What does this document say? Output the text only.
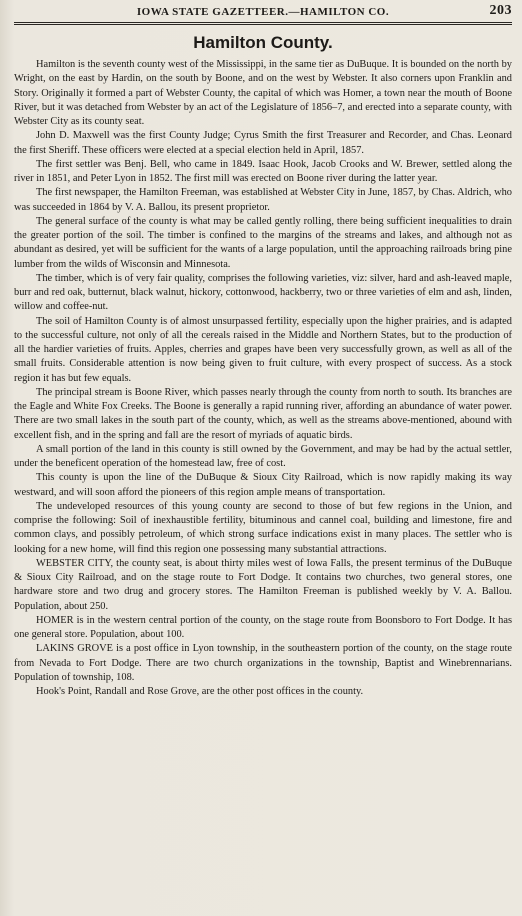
IOWA STATE GAZETTEER.—HAMILTON CO.	203
Hamilton County.

Hamilton is the seventh county west of the Mississippi, in the same tier as DuBuque. It is bounded on the north by Wright, on the east by Hardin, on the south by Boone, and on the west by Webster. It also corners upon Franklin and Story. Originally it formed a part of Webster County, the capital of which was Homer, a town near the mouth of Boone River, but it was detached from Webster by an act of the Legislature of 1856–7, and erected into a separate county, with Webster City as its county seat.

John D. Maxwell was the first County Judge; Cyrus Smith the first Treasurer and Recorder, and Chas. Leonard the first Sheriff. These officers were elected at a special election held in April, 1857.

The first settler was Benj. Bell, who came in 1849. Isaac Hook, Jacob Crooks and W. Brewer, settled along the river in 1851, and Peter Lyon in 1852. The first mill was erected on Boone river during the latter year.

The first newspaper, the Hamilton Freeman, was established at Webster City in June, 1857, by Chas. Aldrich, who was succeeded in 1864 by V. A. Ballou, its present proprietor.

The general surface of the county is what may be called gently rolling, there being sufficient inequalities to drain the greater portion of the soil. The timber is confined to the margins of the streams and lakes, and although not as abundant as desired, yet will be sufficient for the wants of a large population, until the approaching railroads bring pine lumber from the wilds of Wisconsin and Minnesota.

The timber, which is of very fair quality, comprises the following varieties, viz: silver, hard and ash-leaved maple, burr and red oak, butternut, black walnut, hickory, cottonwood, hackberry, two or three varieties of elm and ash, linden, willow and coffee-nut.

The soil of Hamilton County is of almost unsurpassed fertility, especially upon the higher prairies, and is adapted to the successful culture, not only of all the cereals raised in the Middle and Northern States, but to the production of all the hardier varieties of fruits. Apples, cherries and grapes have been very successfully grown, as well as all of the small fruits. Considerable attention is now being given to fruit culture, with every prospect of success. As a stock region it has but few equals.

The principal stream is Boone River, which passes nearly through the county from north to south. Its branches are the Eagle and White Fox Creeks. The Boone is generally a rapid running river, affording an abundance of water power. There are two small lakes in the south part of the county, which, as well as the streams above-mentioned, abound with excellent fish, and in the spring and fall are the resort of myriads of aquatic birds.

A small portion of the land in this county is still owned by the Government, and may be had by the actual settler, under the beneficent operation of the homestead law, free of cost.

This county is upon the line of the DuBuque & Sioux City Railroad, which is now rapidly making its way westward, and will soon afford the pioneers of this region ample means of transportation.

The undeveloped resources of this young county are second to those of but few regions in the Union, and comprise the following: Soil of inexhaustible fertility, bituminous and cannel coal, building and limestone, fire and common clays, and possibly petroleum, of which strong surface indications exist in many places. The settler who is looking for a new home, will find this region one possessing many substantial attractions.

WEBSTER CITY, the county seat, is about thirty miles west of Iowa Falls, the present terminus of the DuBuque & Sioux City Railroad, and on the stage route to Fort Dodge. It contains two churches, two general stores, one hardware store and two drug and grocery stores. The Hamilton Freeman is published weekly by V. A. Ballou. Population, about 250.

HOMER is in the western central portion of the county, on the stage route from Boonsboro to Fort Dodge. It has one general store. Population, about 100.

LAKINS GROVE is a post office in Lyon township, in the southeastern portion of the county, on the stage route from Nevada to Fort Dodge. There are two church organizations in the township, Baptist and Winebrennarians. Population of township, 108.

Hook's Point, Randall and Rose Grove, are the other post offices in the county.
